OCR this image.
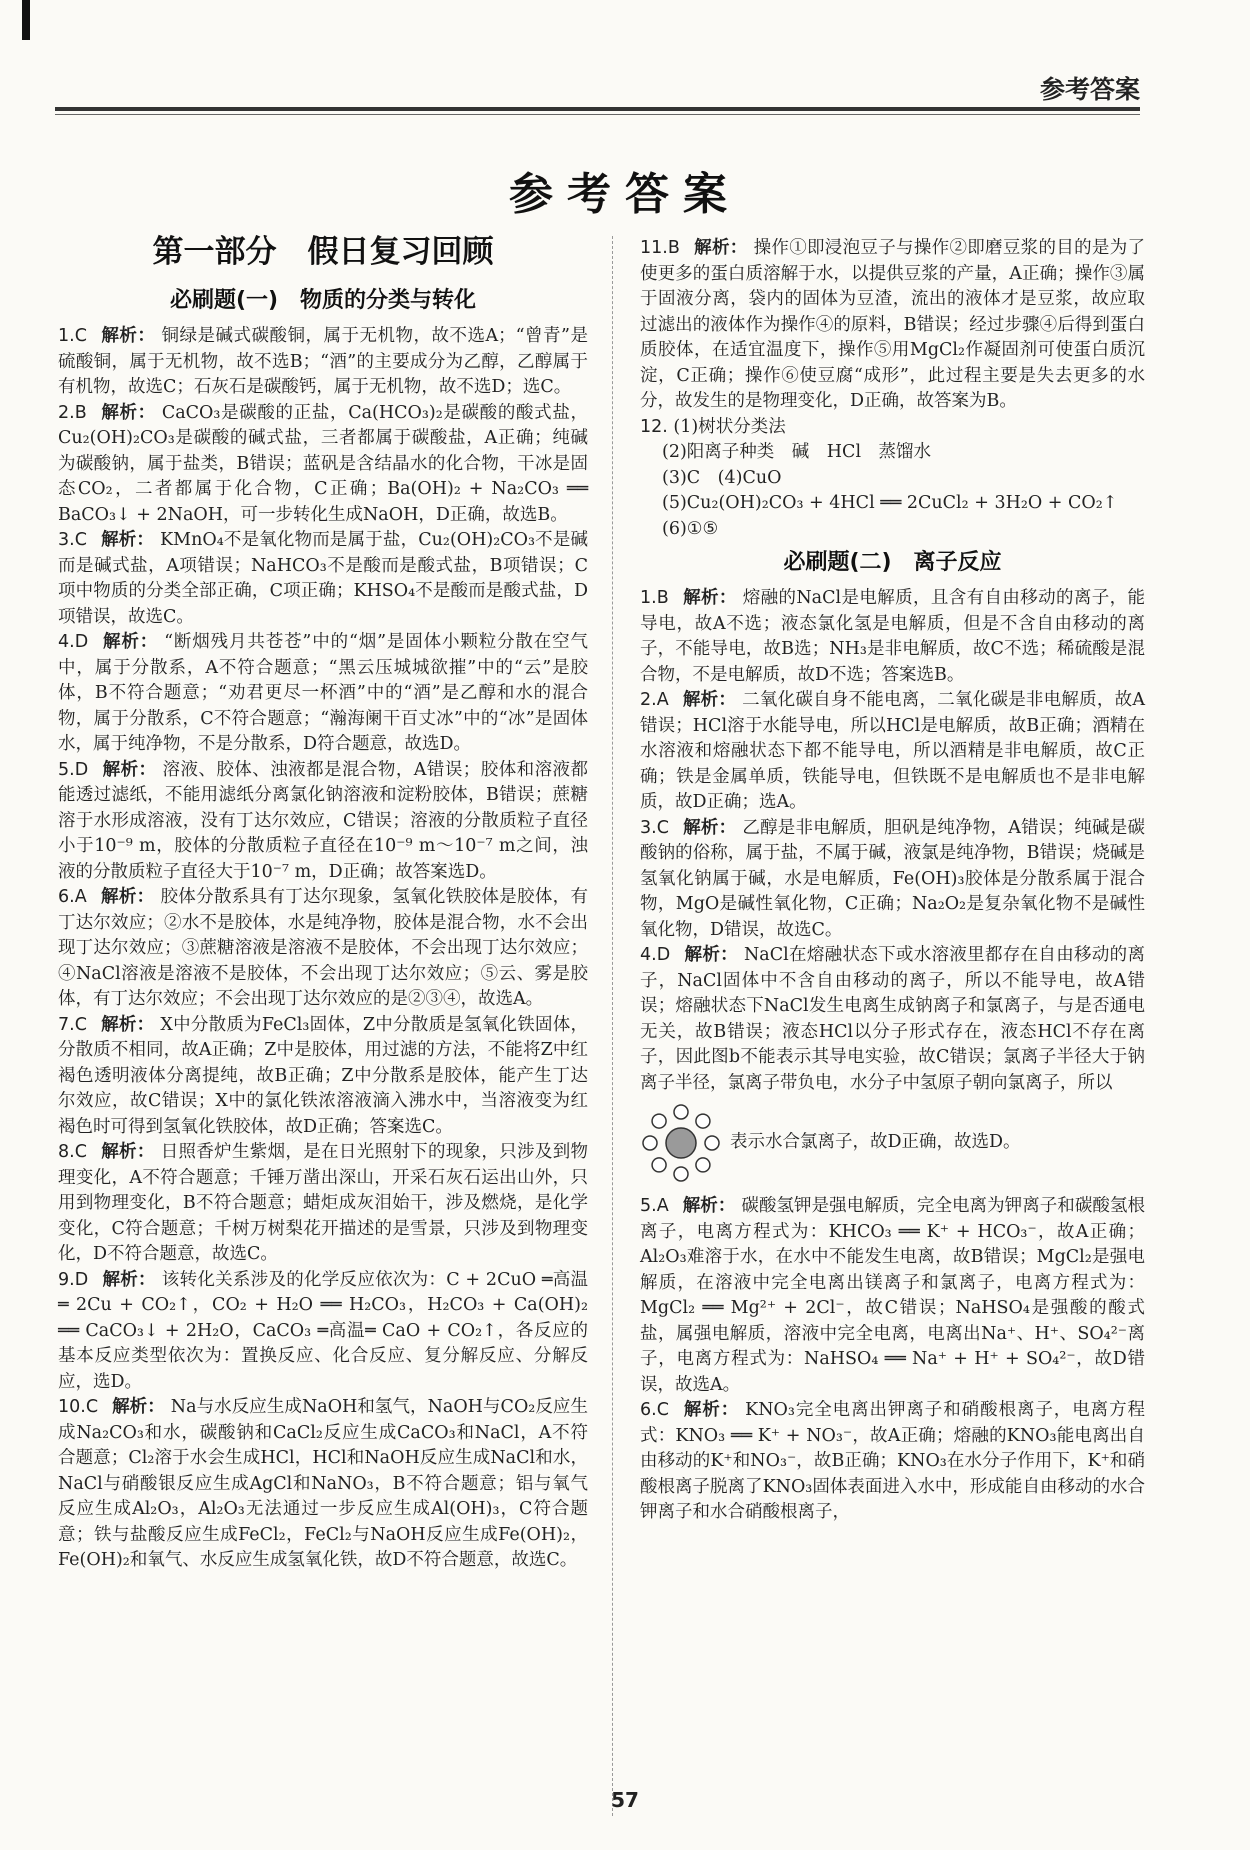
参考答案
参考答案
第一部分　假日复习回顾
必刷题(一)　物质的分类与转化

1.C 解析： 铜绿是碱式碳酸铜，属于无机物，故不选A；“曾青”是硫酸铜，属于无机物，故不选B；“酒”的主要成分为乙醇，乙醇属于有机物，故选C；石灰石是碳酸钙，属于无机物，故不选D；选C。

2.B 解析： CaCO₃是碳酸的正盐，Ca(HCO₃)₂是碳酸的酸式盐，Cu₂(OH)₂CO₃是碳酸的碱式盐，三者都属于碳酸盐，A正确；纯碱为碳酸钠，属于盐类，B错误；蓝矾是含结晶水的化合物，干冰是固态CO₂，二者都属于化合物，C正确；Ba(OH)₂ + Na₂CO₃ ══ BaCO₃↓ + 2NaOH，可一步转化生成NaOH，D正确，故选B。

3.C 解析： KMnO₄不是氧化物而是属于盐，Cu₂(OH)₂CO₃不是碱而是碱式盐，A项错误；NaHCO₃不是酸而是酸式盐，B项错误；C项中物质的分类全部正确，C项正确；KHSO₄不是酸而是酸式盐，D项错误，故选C。

4.D 解析： “断烟残月共苍苍”中的“烟”是固体小颗粒分散在空气中，属于分散系，A不符合题意；“黑云压城城欲摧”中的“云”是胶体，B不符合题意；“劝君更尽一杯酒”中的“酒”是乙醇和水的混合物，属于分散系，C不符合题意；“瀚海阑干百丈冰”中的“冰”是固体水，属于纯净物，不是分散系，D符合题意，故选D。

5.D 解析： 溶液、胶体、浊液都是混合物，A错误；胶体和溶液都能透过滤纸，不能用滤纸分离氯化钠溶液和淀粉胶体，B错误；蔗糖溶于水形成溶液，没有丁达尔效应，C错误；溶液的分散质粒子直径小于10⁻⁹ m，胶体的分散质粒子直径在10⁻⁹ m～10⁻⁷ m之间，浊液的分散质粒子直径大于10⁻⁷ m，D正确；故答案选D。

6.A 解析： 胶体分散系具有丁达尔现象，氢氧化铁胶体是胶体，有丁达尔效应；②水不是胶体，水是纯净物，胶体是混合物，水不会出现丁达尔效应；③蔗糖溶液是溶液不是胶体，不会出现丁达尔效应；④NaCl溶液是溶液不是胶体，不会出现丁达尔效应；⑤云、雾是胶体，有丁达尔效应；不会出现丁达尔效应的是②③④，故选A。

7.C 解析： X中分散质为FeCl₃固体，Z中分散质是氢氧化铁固体，分散质不相同，故A正确；Z中是胶体，用过滤的方法，不能将Z中红褐色透明液体分离提纯，故B正确；Z中分散系是胶体，能产生丁达尔效应，故C错误；X中的氯化铁浓溶液滴入沸水中，当溶液变为红褐色时可得到氢氧化铁胶体，故D正确；答案选C。

8.C 解析： 日照香炉生紫烟，是在日光照射下的现象，只涉及到物理变化，A不符合题意；千锤万凿出深山，开采石灰石运出山外，只用到物理变化，B不符合题意；蜡炬成灰泪始干，涉及燃烧，是化学变化，C符合题意；千树万树梨花开描述的是雪景，只涉及到物理变化，D不符合题意，故选C。

9.D 解析： 该转化关系涉及的化学反应依次为：C + 2CuO ═高温═ 2Cu + CO₂↑，CO₂ + H₂O ══ H₂CO₃，H₂CO₃ + Ca(OH)₂ ══ CaCO₃↓ + 2H₂O，CaCO₃ ═高温═ CaO + CO₂↑，各反应的基本反应类型依次为：置换反应、化合反应、复分解反应、分解反应，选D。

10.C 解析： Na与水反应生成NaOH和氢气，NaOH与CO₂反应生成Na₂CO₃和水，碳酸钠和CaCl₂反应生成CaCO₃和NaCl，A不符合题意；Cl₂溶于水会生成HCl，HCl和NaOH反应生成NaCl和水，NaCl与硝酸银反应生成AgCl和NaNO₃，B不符合题意；铝与氧气反应生成Al₂O₃，Al₂O₃无法通过一步反应生成Al(OH)₃，C符合题意；铁与盐酸反应生成FeCl₂，FeCl₂与NaOH反应生成Fe(OH)₂，Fe(OH)₂和氧气、水反应生成氢氧化铁，故D不符合题意，故选C。

11.B 解析： 操作①即浸泡豆子与操作②即磨豆浆的目的是为了使更多的蛋白质溶解于水，以提供豆浆的产量，A正确；操作③属于固液分离，袋内的固体为豆渣，流出的液体才是豆浆，故应取过滤出的液体作为操作④的原料，B错误；经过步骤④后得到蛋白质胶体，在适宜温度下，操作⑤用MgCl₂作凝固剂可使蛋白质沉淀，C正确；操作⑥使豆腐“成形”，此过程主要是失去更多的水分，故发生的是物理变化，D正确，故答案为B。

12. (1)树状分类法

(2)阳离子种类　碱　HCl　蒸馏水

(3)C　(4)CuO

(5)Cu₂(OH)₂CO₃ + 4HCl ══ 2CuCl₂ + 3H₂O + CO₂↑

(6)①⑤

必刷题(二)　离子反应

1.B 解析： 熔融的NaCl是电解质，且含有自由移动的离子，能导电，故A不选；液态氯化氢是电解质，但是不含自由移动的离子，不能导电，故B选；NH₃是非电解质，故C不选；稀硫酸是混合物，不是电解质，故D不选；答案选B。

2.A 解析： 二氧化碳自身不能电离，二氧化碳是非电解质，故A错误；HCl溶于水能导电，所以HCl是电解质，故B正确；酒精在水溶液和熔融状态下都不能导电，所以酒精是非电解质，故C正确；铁是金属单质，铁能导电，但铁既不是电解质也不是非电解质，故D正确；选A。

3.C 解析： 乙醇是非电解质，胆矾是纯净物，A错误；纯碱是碳酸钠的俗称，属于盐，不属于碱，液氯是纯净物，B错误；烧碱是氢氧化钠属于碱，水是电解质，Fe(OH)₃胶体是分散系属于混合物，MgO是碱性氧化物，C正确；Na₂O₂是复杂氧化物不是碱性氧化物，D错误，故选C。

4.D 解析： NaCl在熔融状态下或水溶液里都存在自由移动的离子，NaCl固体中不含自由移动的离子，所以不能导电，故A错误；熔融状态下NaCl发生电离生成钠离子和氯离子，与是否通电无关，故B错误；液态HCl以分子形式存在，液态HCl不存在离子，因此图b不能表示其导电实验，故C错误；氯离子半径大于钠离子半径，氯离子带负电，水分子中氢原子朝向氯离子，所以

表示水合氯离子，故D正确，故选D。

5.A 解析： 碳酸氢钾是强电解质，完全电离为钾离子和碳酸氢根离子，电离方程式为：KHCO₃ ══ K⁺ + HCO₃⁻，故A正确；Al₂O₃难溶于水，在水中不能发生电离，故B错误；MgCl₂是强电解质，在溶液中完全电离出镁离子和氯离子，电离方程式为：MgCl₂ ══ Mg²⁺ + 2Cl⁻，故C错误；NaHSO₄是强酸的酸式盐，属强电解质，溶液中完全电离，电离出Na⁺、H⁺、SO₄²⁻离子，电离方程式为：NaHSO₄ ══ Na⁺ + H⁺ + SO₄²⁻，故D错误，故选A。

6.C 解析： KNO₃完全电离出钾离子和硝酸根离子，电离方程式：KNO₃ ══ K⁺ + NO₃⁻，故A正确；熔融的KNO₃能电离出自由移动的K⁺和NO₃⁻，故B正确；KNO₃在水分子作用下，K⁺和硝酸根离子脱离了KNO₃固体表面进入水中，形成能自由移动的水合钾离子和水合硝酸根离子，

57
